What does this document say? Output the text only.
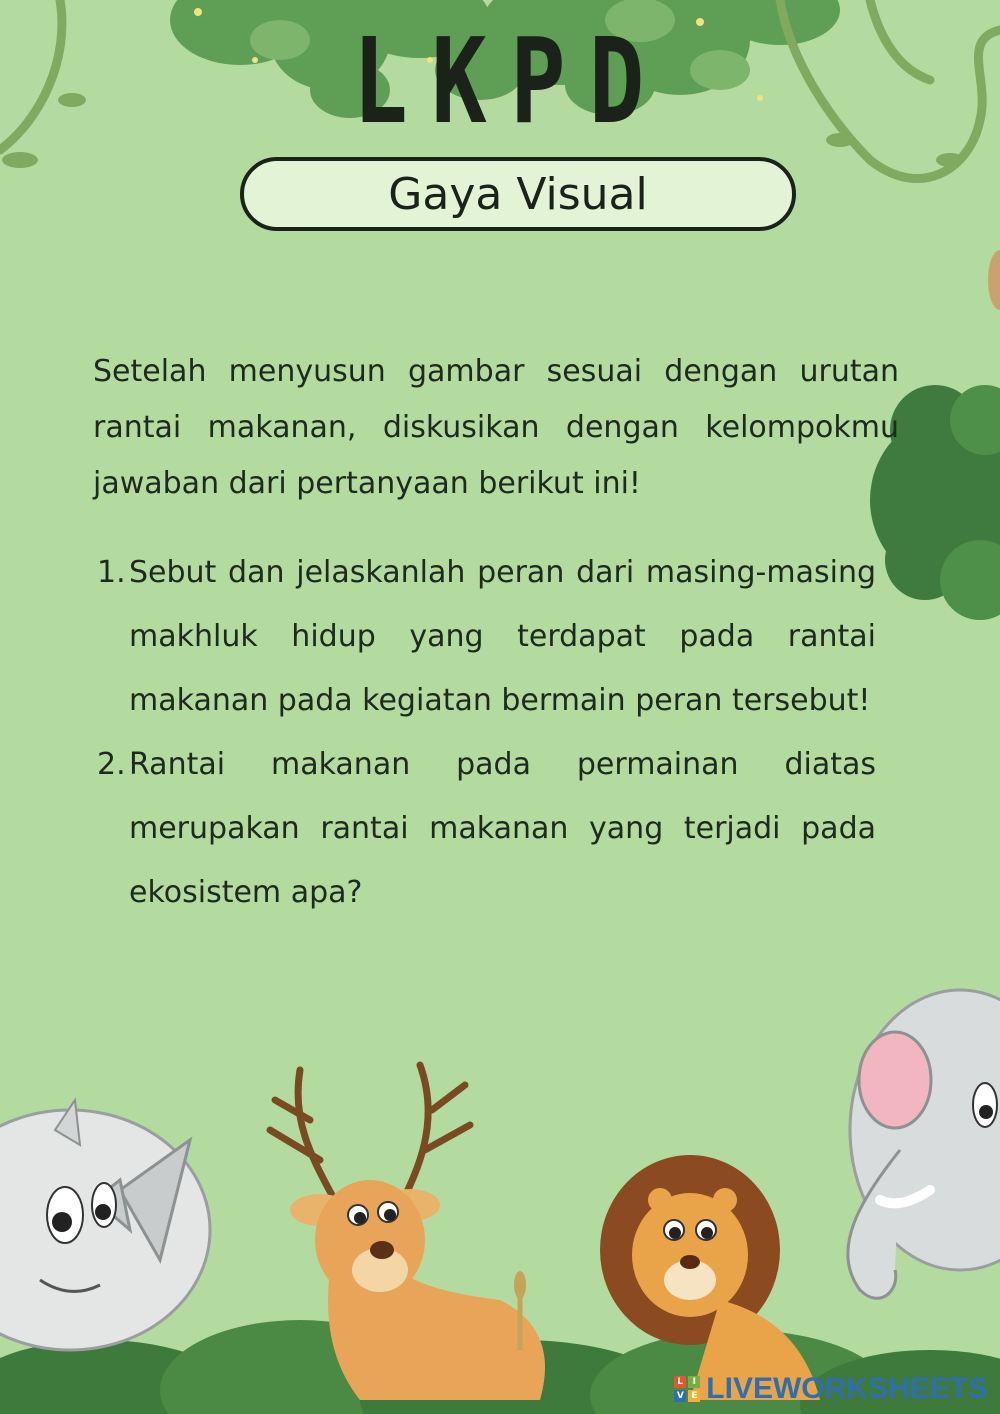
LKPD
Gaya Visual

Setelah menyusun gambar sesuai dengan urutan rantai makanan, diskusikan dengan kelompokmu jawaban dari pertanyaan berikut ini!

1. Sebut dan jelaskanlah peran dari masing-masing makhluk hidup yang terdapat pada rantai makanan pada kegiatan bermain peran tersebut!
2. Rantai makanan pada permainan diatas merupakan rantai makanan yang terjadi pada ekosistem apa?
L	I
V E LIVEWORKSHEETS
